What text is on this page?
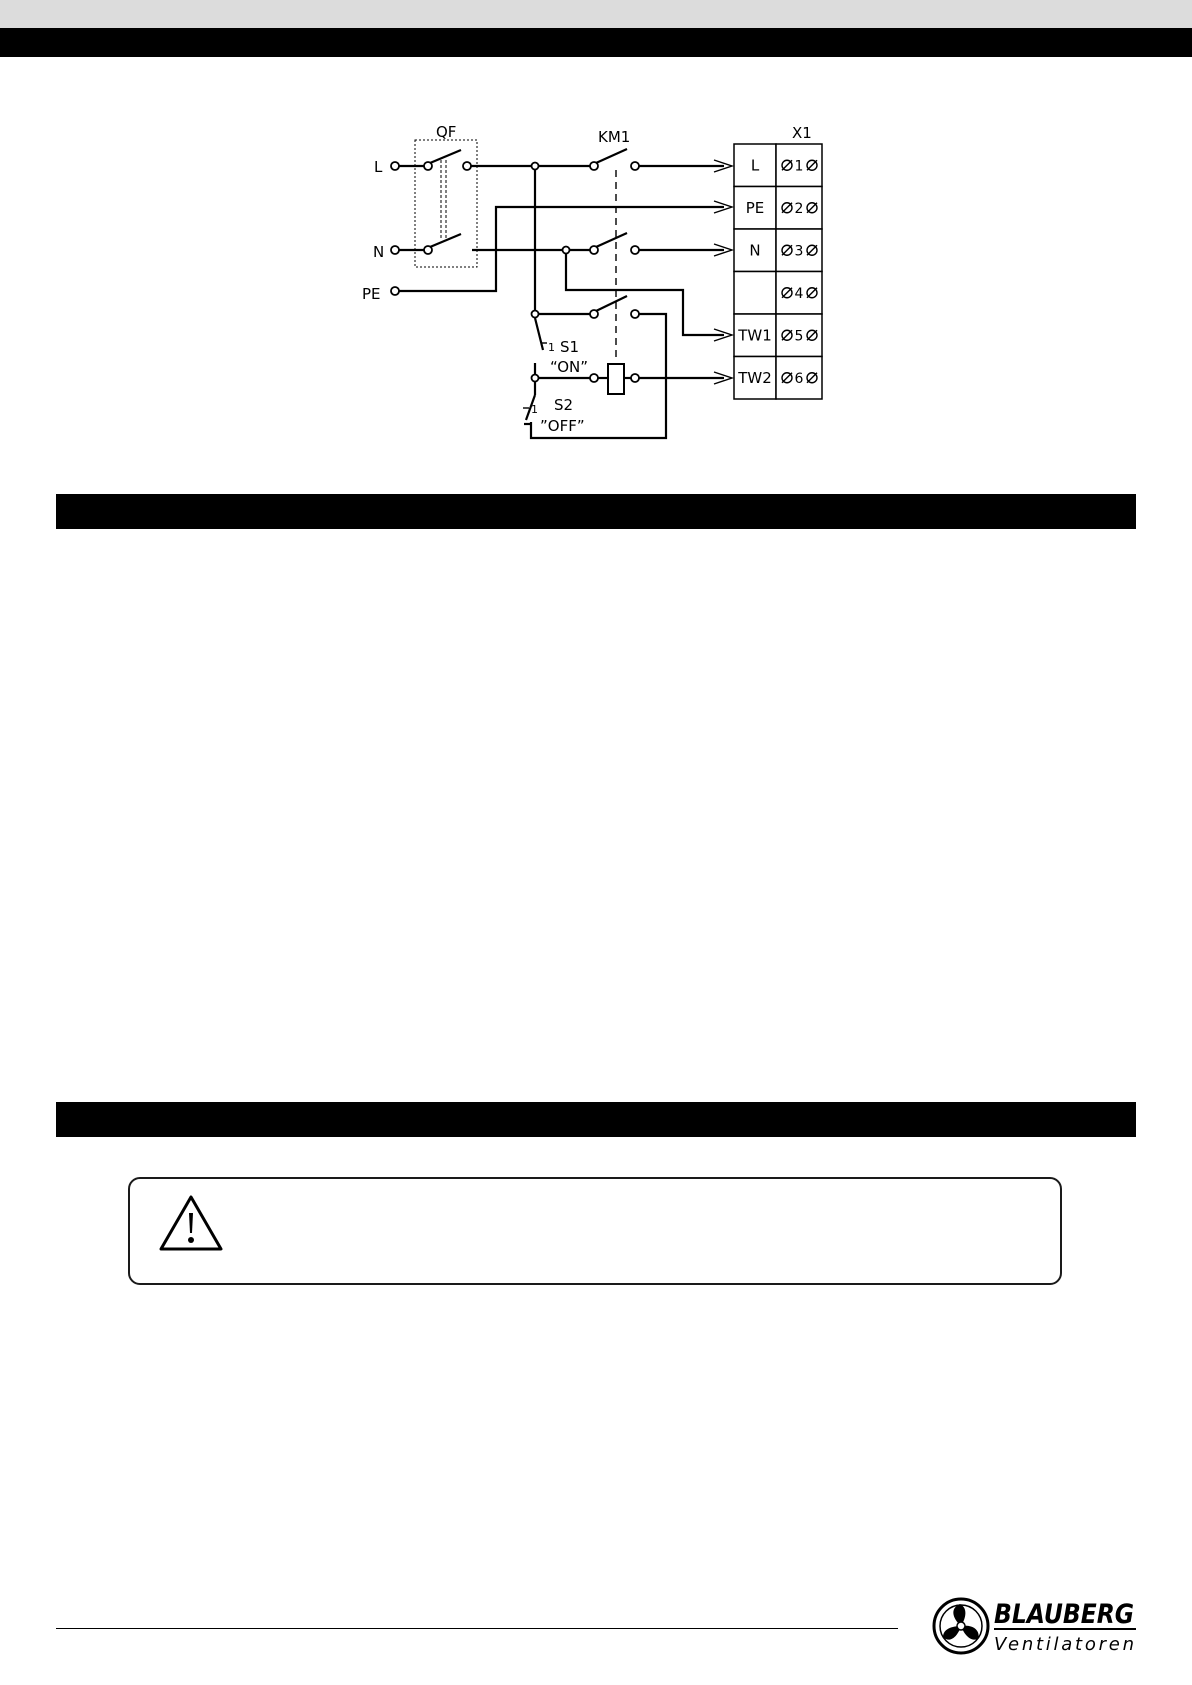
QF	KM1	X1
L
N
PE
1 S1
“ON”
1 S2
”OFF”
L	1
PE 2
N 3
4
TW1 5
TW2 6
BLAUBERG
Ventilatoren
